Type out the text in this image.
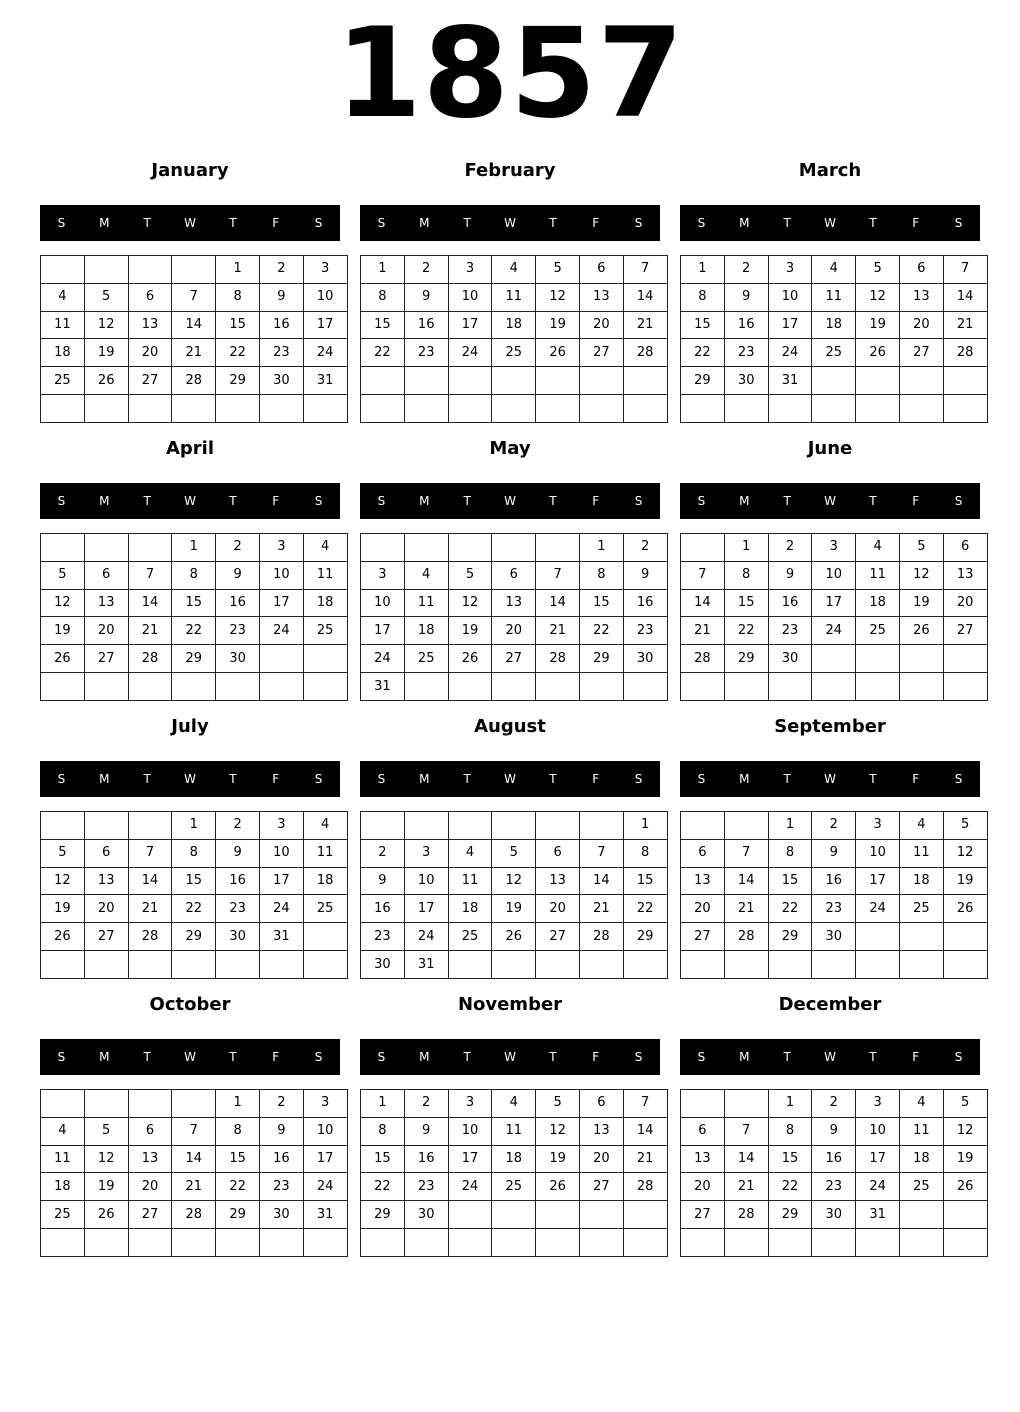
1857
January
S	M	T	W	T	F	S
				1	2	3
4	5	6	7	8	9	10
11	12	13	14	15	16	17
18	19	20	21	22	23	24
25	26	27	28	29	30	31

February
S	M	T	W	T	F	S
1	2	3	4	5	6	7
8	9	10	11	12	13	14
15	16	17	18	19	20	21
22	23	24	25	26	27	28

March
S	M	T	W	T	F	S
1	2	3	4	5	6	7
8	9	10	11	12	13	14
15	16	17	18	19	20	21
22	23	24	25	26	27	28
29	30	31				

April
S	M	T	W	T	F	S
			1	2	3	4
5	6	7	8	9	10	11
12	13	14	15	16	17	18
19	20	21	22	23	24	25
26	27	28	29	30		

May
S	M	T	W	T	F	S
					1	2
3	4	5	6	7	8	9
10	11	12	13	14	15	16
17	18	19	20	21	22	23
24	25	26	27	28	29	30
31						
June
S	M	T	W	T	F	S
	1	2	3	4	5	6
7	8	9	10	11	12	13
14	15	16	17	18	19	20
21	22	23	24	25	26	27
28	29	30				

July
S	M	T	W	T	F	S
			1	2	3	4
5	6	7	8	9	10	11
12	13	14	15	16	17	18
19	20	21	22	23	24	25
26	27	28	29	30	31	

August
S	M	T	W	T	F	S
						1
2	3	4	5	6	7	8
9	10	11	12	13	14	15
16	17	18	19	20	21	22
23	24	25	26	27	28	29
30	31					
September
S	M	T	W	T	F	S
		1	2	3	4	5
6	7	8	9	10	11	12
13	14	15	16	17	18	19
20	21	22	23	24	25	26
27	28	29	30			

October
S	M	T	W	T	F	S
				1	2	3
4	5	6	7	8	9	10
11	12	13	14	15	16	17
18	19	20	21	22	23	24
25	26	27	28	29	30	31

November
S	M	T	W	T	F	S
1	2	3	4	5	6	7
8	9	10	11	12	13	14
15	16	17	18	19	20	21
22	23	24	25	26	27	28
29	30					

December
S	M	T	W	T	F	S
		1	2	3	4	5
6	7	8	9	10	11	12
13	14	15	16	17	18	19
20	21	22	23	24	25	26
27	28	29	30	31		
